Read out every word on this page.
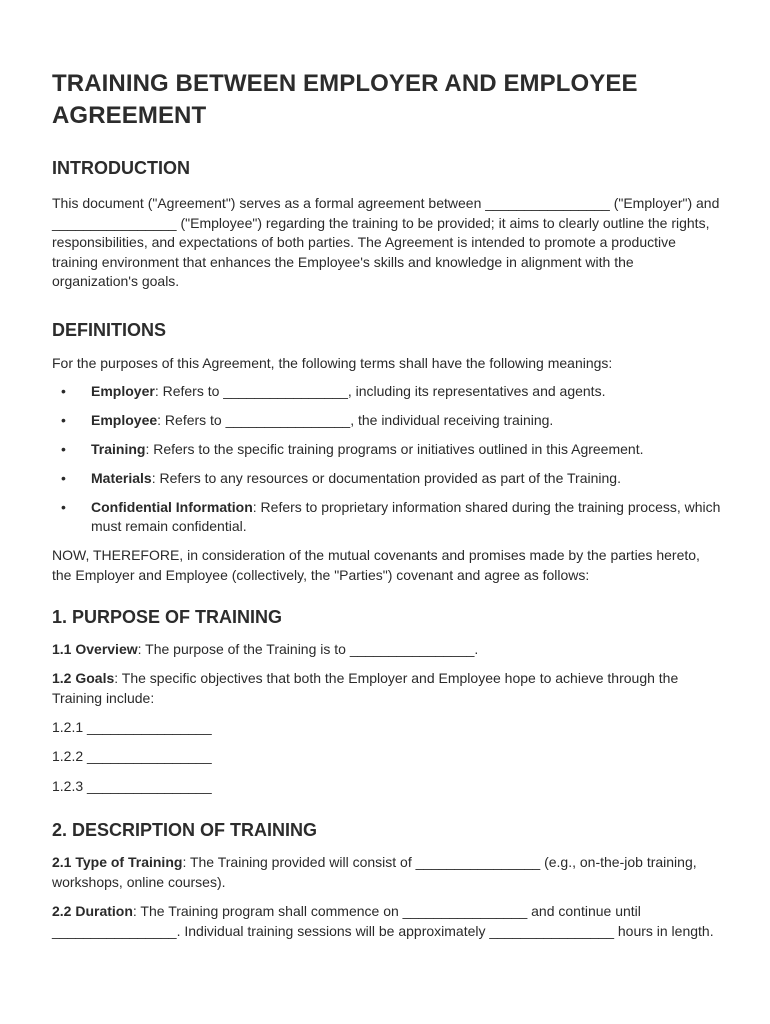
TRAINING BETWEEN EMPLOYER AND EMPLOYEE AGREEMENT
INTRODUCTION

This document ("Agreement") serves as a formal agreement between ________________ ("Employer") and ________________ ("Employee") regarding the training to be provided; it aims to clearly outline the rights, responsibilities, and expectations of both parties. The Agreement is intended to promote a productive training environment that enhances the Employee's skills and knowledge in alignment with the organization's goals.

DEFINITIONS

For the purposes of this Agreement, the following terms shall have the following meanings:

• Employer: Refers to ________________, including its representatives and agents.
• Employee: Refers to ________________, the individual receiving training.
• Training: Refers to the specific training programs or initiatives outlined in this Agreement.
• Materials: Refers to any resources or documentation provided as part of the Training.
• Confidential Information: Refers to proprietary information shared during the training process, which must remain confidential.

NOW, THEREFORE, in consideration of the mutual covenants and promises made by the parties hereto, the Employer and Employee (collectively, the "Parties") covenant and agree as follows:

1. PURPOSE OF TRAINING

1.1 Overview: The purpose of the Training is to ________________.

1.2 Goals: The specific objectives that both the Employer and Employee hope to achieve through the Training include:

1.2.1 ________________

1.2.2 ________________

1.2.3 ________________

2. DESCRIPTION OF TRAINING

2.1 Type of Training: The Training provided will consist of ________________ (e.g., on-the-job training, workshops, online courses).

2.2 Duration: The Training program shall commence on ________________ and continue until ________________. Individual training sessions will be approximately ________________ hours in length.
